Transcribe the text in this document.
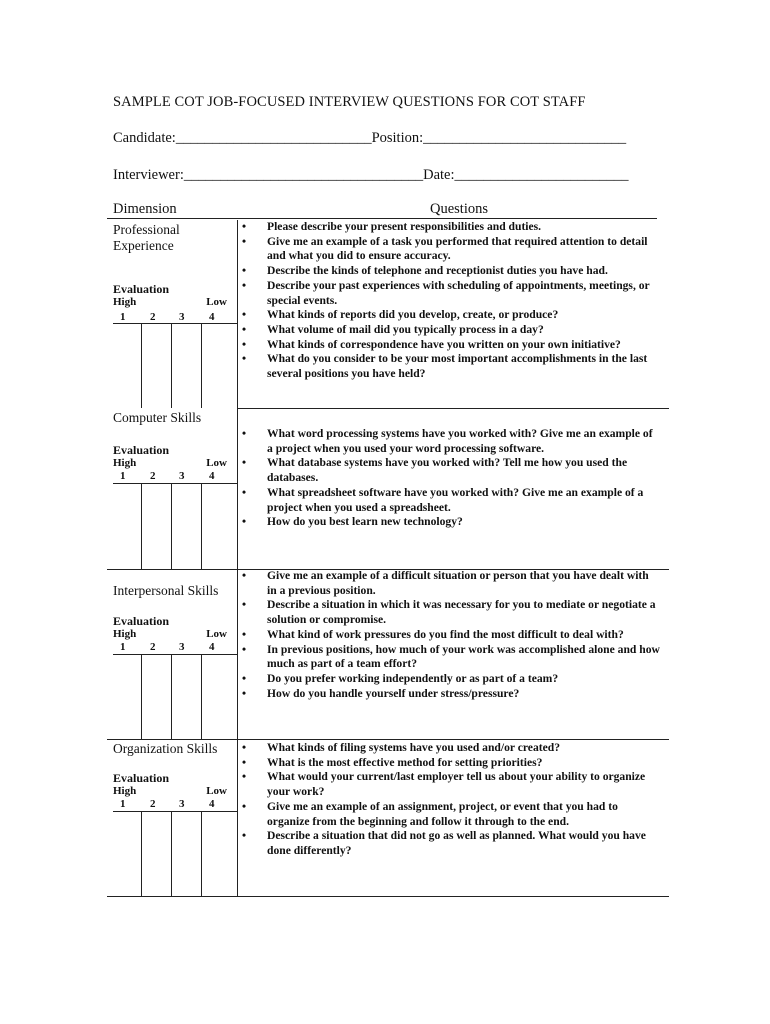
SAMPLE COT JOB-FOCUSED INTERVIEW QUESTIONS FOR COT STAFF
Candidate:___________________________Position:____________________________
Interviewer:_________________________________Date:________________________
Dimension	Questions
Professional Experience
Evaluation
High	Low
1 2 3 4
• Please describe your present responsibilities and duties.
• Give me an example of a task you performed that required attention to detail and what you did to ensure accuracy.
• Describe the kinds of telephone and receptionist duties you have had.
• Describe your past experiences with scheduling of appointments, meetings, or special events.
• What kinds of reports did you develop, create, or produce?
• What volume of mail did you typically process in a day?
• What kinds of correspondence have you written on your own initiative?
• What do you consider to be your most important accomplishments in the last several positions you have held?
Computer Skills
Evaluation
High	Low
1 2 3 4
• What word processing systems have you worked with? Give me an example of a project when you used your word processing software.
• What database systems have you worked with? Tell me how you used the databases.
• What spreadsheet software have you worked with? Give me an example of a project when you used a spreadsheet.
• How do you best learn new technology?
Interpersonal Skills
Evaluation
High	Low
1 2 3 4
• Give me an example of a difficult situation or person that you have dealt with in a previous position.
• Describe a situation in which it was necessary for you to mediate or negotiate a solution or compromise.
• What kind of work pressures do you find the most difficult to deal with?
• In previous positions, how much of your work was accomplished alone and how much as part of a team effort?
• Do you prefer working independently or as part of a team?
• How do you handle yourself under stress/pressure?
Organization Skills
Evaluation
High	Low
1 2 3 4
• What kinds of filing systems have you used and/or created?
• What is the most effective method for setting priorities?
• What would your current/last employer tell us about your ability to organize your work?
• Give me an example of an assignment, project, or event that you had to organize from the beginning and follow it through to the end.
• Describe a situation that did not go as well as planned. What would you have done differently?
